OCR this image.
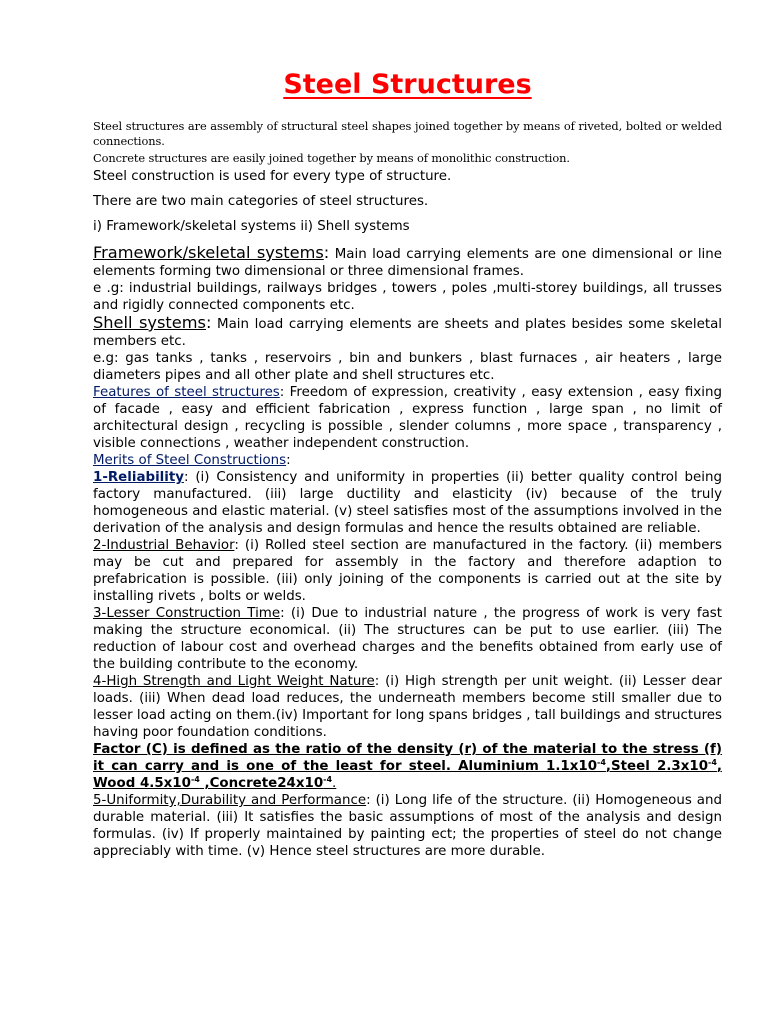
Steel Structures
Steel structures are assembly of structural steel shapes joined together by means of riveted, bolted or welded connections.
Concrete structures are easily joined together by means of monolithic construction.
Steel construction is used for every type of structure.
There are two main categories of steel structures.
i) Framework/skeletal systems ii) Shell systems

Framework/skeletal systems: Main load carrying elements are one dimensional or line elements forming two dimensional or three dimensional frames.

e .g: industrial buildings, railways bridges , towers , poles ,multi-storey buildings, all trusses and rigidly connected components etc.

Shell systems: Main load carrying elements are sheets and plates besides some skeletal members etc.

e.g: gas tanks , tanks , reservoirs , bin and bunkers , blast furnaces , air heaters , large diameters pipes and all other plate and shell structures etc.

Features of steel structures: Freedom of expression, creativity , easy extension , easy fixing of facade , easy and efficient fabrication , express function , large span , no limit of architectural design , recycling is possible , slender columns , more space , transparency , visible connections , weather independent construction.

Merits of Steel Constructions:

1-Reliability: (i) Consistency and uniformity in properties (ii) better quality control being factory manufactured. (iii) large ductility and elasticity (iv) because of the truly homogeneous and elastic material. (v) steel satisfies most of the assumptions involved in the derivation of the analysis and design formulas and hence the results obtained are reliable.

2-Industrial Behavior: (i) Rolled steel section are manufactured in the factory. (ii) members may be cut and prepared for assembly in the factory and therefore adaption to prefabrication is possible. (iii) only joining of the components is carried out at the site by installing rivets , bolts or welds.

3-Lesser Construction Time: (i) Due to industrial nature , the progress of work is very fast making the structure economical. (ii) The structures can be put to use earlier. (iii) The reduction of labour cost and overhead charges and the benefits obtained from early use of the building contribute to the economy.

4-High Strength and Light Weight Nature: (i) High strength per unit weight. (ii) Lesser dear loads. (iii) When dead load reduces, the underneath members become still smaller due to lesser load acting on them.(iv) Important for long spans bridges , tall buildings and structures having poor foundation conditions.

Factor (C) is defined as the ratio of the density (r) of the material to the stress (f) it can carry and is one of the least for steel. Aluminium $1.1x10^{-4},Steel$ $2.3x10^{-4}$, Wood $4.5x10^{-4}$ $,Concrete24x10^{-4}$.

5-Uniformity,Durability and Performance: (i) Long life of the structure. (ii) Homogeneous and durable material. (iii) It satisfies the basic assumptions of most of the analysis and design formulas. (iv) If properly maintained by painting ect; the properties of steel do not change appreciably with time. (v) Hence steel structures are more durable.
